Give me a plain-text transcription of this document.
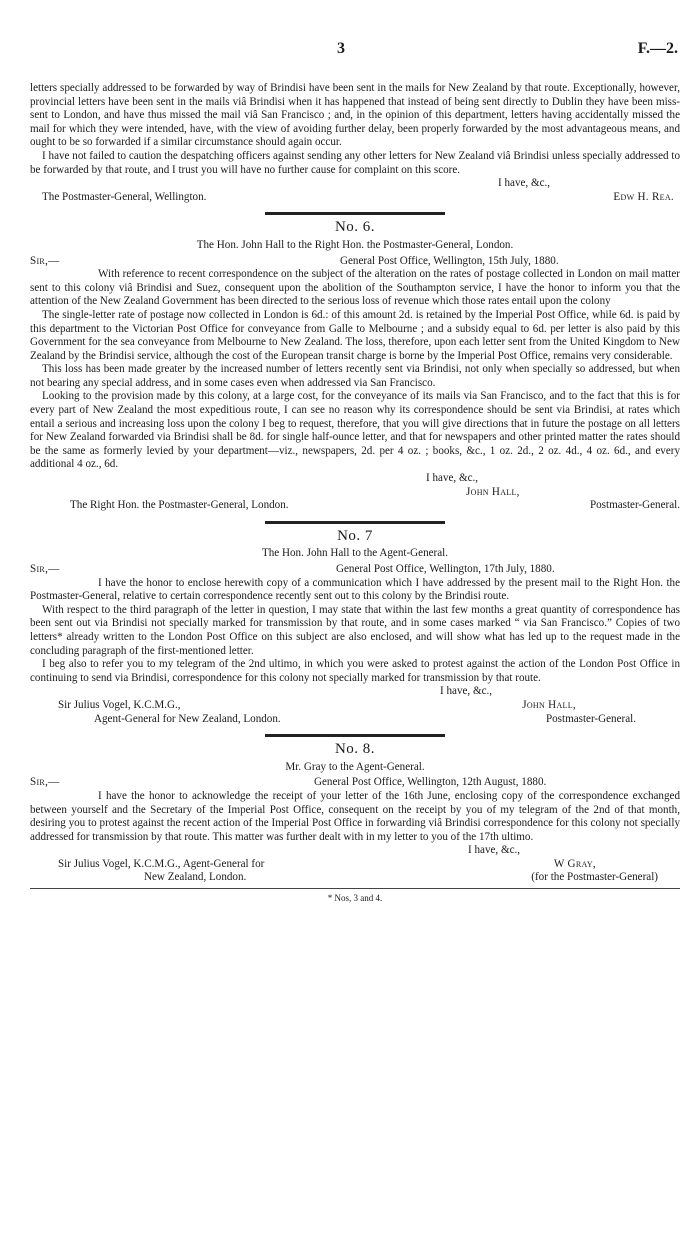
3	F.—2.

letters specially addressed to be forwarded by way of Brindisi have been sent in the mails for New Zealand by that route. Exceptionally, however, provincial letters have been sent in the mails viâ Brindisi when it has happened that instead of being sent directly to Dublin they have been miss-sent to London, and have thus missed the mail viâ San Francisco ; and, in the opinion of this department, letters having accidentally missed the mail for which they were intended, have, with the view of avoiding further delay, been properly forwarded by the most advantageous means, and ought to be so forwarded if a similar circumstance should again occur.

I have not failed to caution the despatching officers against sending any other letters for New Zealand viâ Brindisi unless specially addressed to be forwarded by that route, and I trust you will have no further cause for complaint on this score.

I have, &c.,
The Postmaster-General, Wellington.	Edw H. Rea.
No. 6.
The Hon. John Hall to the Right Hon. the Postmaster-General, London.
Sir,—	General Post Office, Wellington, 15th July, 1880.

With reference to recent correspondence on the subject of the alteration on the rates of postage collected in London on mail matter sent to this colony viâ Brindisi and Suez, consequent upon the abolition of the Southampton service, I have the honor to inform you that the attention of the New Zealand Government has been directed to the serious loss of revenue which those rates entail upon the colony

The single-letter rate of postage now collected in London is 6d.: of this amount 2d. is retained by the Imperial Post Office, while 6d. is paid by this department to the Victorian Post Office for conveyance from Galle to Melbourne ; and a subsidy equal to 6d. per letter is also paid by this Government for the sea conveyance from Melbourne to New Zealand. The loss, therefore, upon each letter sent from the United Kingdom to New Zealand by the Brindisi service, although the cost of the European transit charge is borne by the Imperial Post Office, remains very considerable.

This loss has been made greater by the increased number of letters recently sent via Brindisi, not only when specially so addressed, but when not bearing any special address, and in some cases even when addressed via San Francisco.

Looking to the provision made by this colony, at a large cost, for the conveyance of its mails via San Francisco, and to the fact that this is for every part of New Zealand the most expeditious route, I can see no reason why its correspondence should be sent via Brindisi, at rates which entail a serious and increasing loss upon the colony I beg to request, therefore, that you will give directions that in future the postage on all letters for New Zealand forwarded via Brindisi shall be 8d. for single half-ounce letter, and that for newspapers and other printed matter the rates should be the same as formerly levied by your department—viz., newspapers, 2d. per 4 oz. ; books, &c., 1 oz. 2d., 2 oz. 4d., 4 oz. 6d., and every additional 4 oz., 6d.

I have, &c.,
John Hall,
The Right Hon. the Postmaster-General, London.	Postmaster-General.
No. 7
The Hon. John Hall to the Agent-General.
Sir,—	General Post Office, Wellington, 17th July, 1880.

I have the honor to enclose herewith copy of a communication which I have addressed by the present mail to the Right Hon. the Postmaster-General, relative to certain correspondence recently sent out to this colony by the Brindisi route.

With respect to the third paragraph of the letter in question, I may state that within the last few months a great quantity of correspondence has been sent out via Brindisi not specially marked for transmission by that route, and in some cases marked “ via San Francisco.” Copies of two letters* already written to the London Post Office on this subject are also enclosed, and will show what has led up to the request made in the concluding paragraph of the first-mentioned letter.

I beg also to refer you to my telegram of the 2nd ultimo, in which you were asked to protest against the action of the London Post Office in continuing to send via Brindisi, correspondence for this colony not specially marked for transmission by that route.

I have, &c.,
Sir Julius Vogel, K.C.M.G.,	John Hall,
Agent-General for New Zealand, London.	Postmaster-General.
No. 8.
Mr. Gray to the Agent-General.
Sir,—	General Post Office, Wellington, 12th August, 1880.

I have the honor to acknowledge the receipt of your letter of the 16th June, enclosing copy of the correspondence exchanged between yourself and the Secretary of the Imperial Post Office, consequent on the receipt by you of my telegram of the 2nd of that month, desiring you to protest against the recent action of the Imperial Post Office in forwarding viâ Brindisi correspondence for this colony not specially addressed for transmission by that route. This matter was further dealt with in my letter to you of the 17th ultimo.

I have, &c.,
Sir Julius Vogel, K.C.M.G., Agent-General for	W Gray,
New Zealand, London.	(for the Postmaster-General)
* Nos, 3 and 4.
